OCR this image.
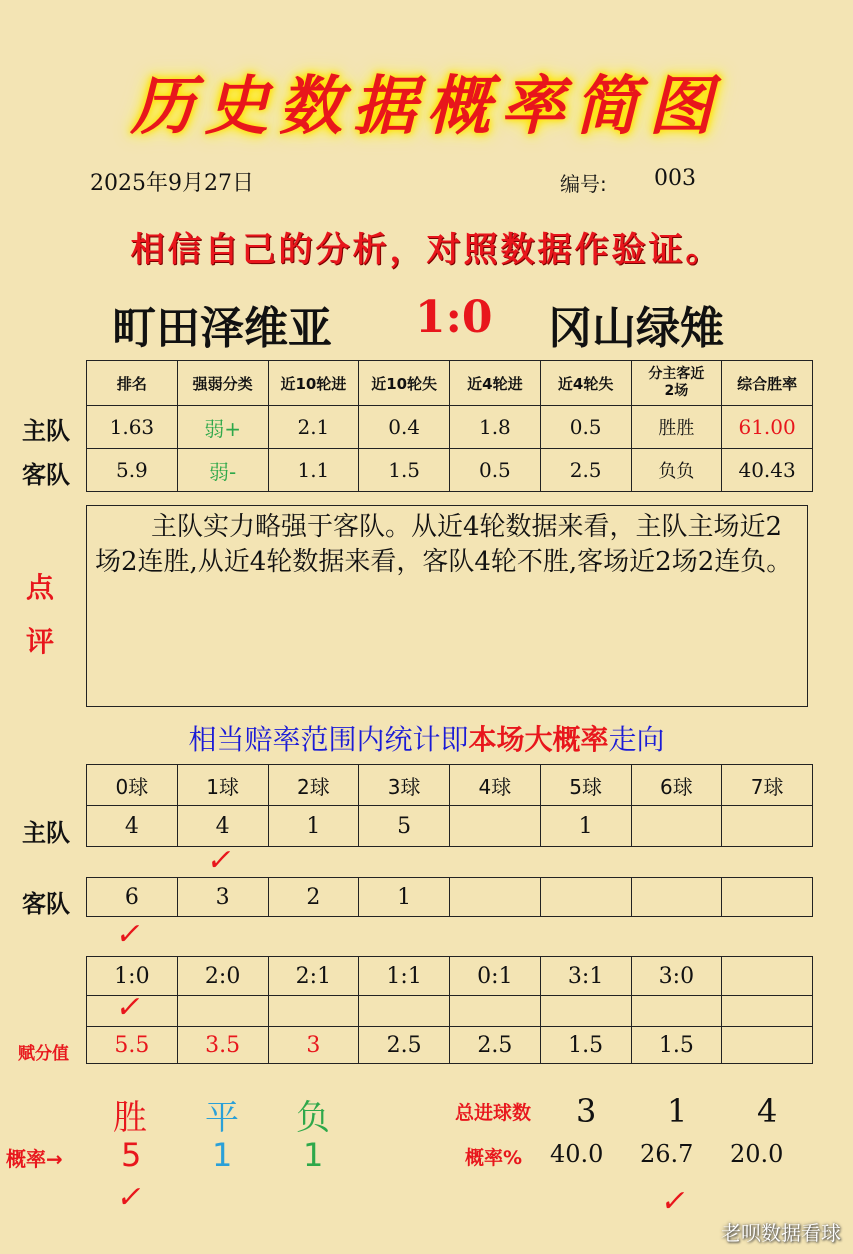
历史数据概率简图
2025年9月27日	编号: 003
相信自己的分析，对照数据作验证。
町田泽维亚 1:0 冈山绿雉
排名	强弱分类	近10轮进	近10轮失	近4轮进	近4轮失	分主客近2场	综合胜率
1.63	弱+	2.1	0.4	1.8	0.5	胜胜	61.00
5.9	弱-	1.1	1.5	0.5	2.5	负负	40.43
主队
客队
点
评
主队实力略强于客队。从近4轮数据来看，主队主场近2场2连胜,从近4轮数据来看，客队4轮不胜,客场近2场2连负。
相当赔率范围内统计即本场大概率走向
0球	1球	2球	3球	4球	5球	6球	7球
4	4	1	5		1		
主队
✓
6	3	2	1				
客队
✓
1:0	2:0	2:1	1:1	0:1	3:1	3:0	

5.5	3.5	3	2.5	2.5	1.5	1.5	
✓
赋分值
胜 平 负
概率→ 5 1 1
✓
总进球数 3 1 4
概率% 40.0 26.7 20.0
✓
老呗数据看球
